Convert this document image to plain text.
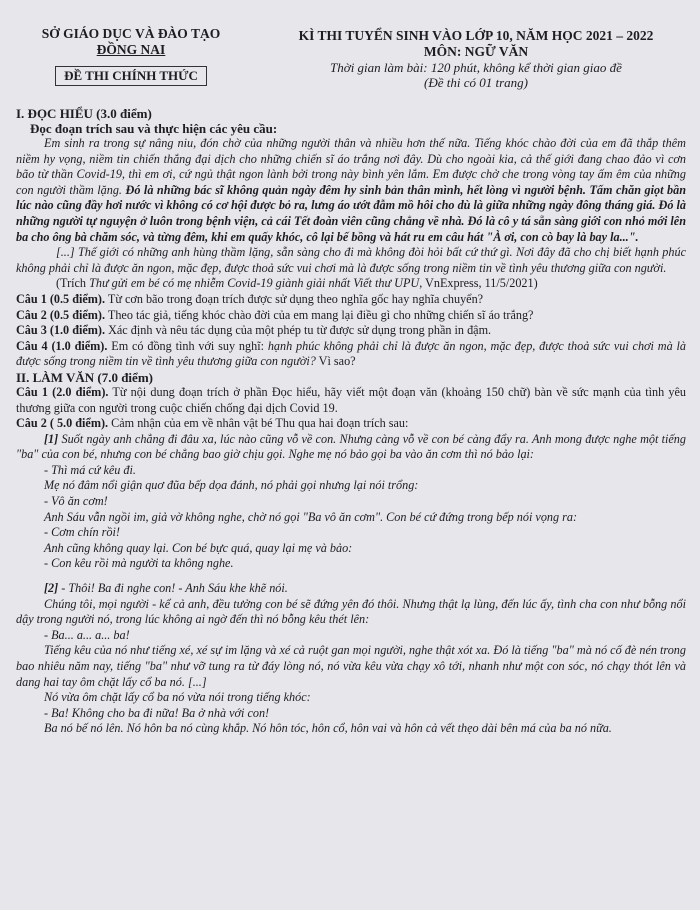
SỞ GIÁO DỤC VÀ ĐÀO TẠO
ĐỒNG NAI
ĐỀ THI CHÍNH THỨC
KÌ THI TUYỂN SINH VÀO LỚP 10, NĂM HỌC 2021 – 2022
MÔN: NGỮ VĂN
Thời gian làm bài: 120 phút, không kể thời gian giao đề
(Đề thi có 01 trang)
I. ĐỌC HIỂU (3.0 điểm)
Đọc đoạn trích sau và thực hiện các yêu cầu:

Em sinh ra trong sự nâng niu, đón chờ của những người thân và nhiều hơn thế nữa. Tiếng khóc chào đời của em đã thắp thêm niềm hy vọng, niềm tin chiến thắng đại dịch cho những chiến sĩ áo trắng nơi đây. Dù cho ngoài kia, cả thế giới đang chao đảo vì cơn bão từ thần Covid-19, thì em ơi, cứ ngủ thật ngon lành bởi trong này bình yên lắm. Em được chở che trong vòng tay ấm êm của những con người thầm lặng. Đó là những bác sĩ không quản ngày đêm hy sinh bản thân mình, hết lòng vì người bệnh. Tấm chăn giọt bần lúc nào cũng đầy hơi nước vì không có cơ hội được bỏ ra, lưng áo ướt đẫm mồ hôi cho dù là giữa những ngày đông tháng giá. Đó là những người tự nguyện ở luôn trong bệnh viện, cả cái Tết đoàn viên cũng chẳng về nhà. Đó là cô y tá sẵn sàng giới con nhỏ mới lên ba cho ông bà chăm sóc, và từng đêm, khi em quấy khóc, cô lại bế bồng và hát ru em câu hát "À ơi, con cò bay là bay la...".

[...] Thế giới có những anh hùng thầm lặng, sẵn sàng cho đi mà không đòi hỏi bất cứ thứ gì. Nơi đây đã cho chị biết hạnh phúc không phải chỉ là được ăn ngon, mặc đẹp, được thoả sức vui chơi mà là được sống trong niềm tin về tình yêu thương giữa con người.

(Trích Thư gửi em bé có mẹ nhiễm Covid-19 giành giải nhất Viết thư UPU, VnExpress, 11/5/2021)

Câu 1 (0.5 điểm). Từ cơn bão trong đoạn trích được sử dụng theo nghĩa gốc hay nghĩa chuyển?

Câu 2 (0.5 điểm). Theo tác giả, tiếng khóc chào đời của em mang lại điều gì cho những chiến sĩ áo trắng?

Câu 3 (1.0 điểm). Xác định và nêu tác dụng của một phép tu từ được sử dụng trong phần in đậm.

Câu 4 (1.0 điểm). Em có đồng tình với suy nghĩ: hạnh phúc không phải chỉ là được ăn ngon, mặc đẹp, được thoả sức vui chơi mà là được sống trong niềm tin về tình yêu thương giữa con người? Vì sao?

II. LÀM VĂN (7.0 điểm)

Câu 1 (2.0 điểm). Từ nội dung đoạn trích ở phần Đọc hiểu, hãy viết một đoạn văn (khoảng 150 chữ) bàn về sức mạnh của tình yêu thương giữa con người trong cuộc chiến chống đại dịch Covid 19.

Câu 2 ( 5.0 điểm). Cảm nhận của em về nhân vật bé Thu qua hai đoạn trích sau:

[1] Suốt ngày anh chẳng đi đâu xa, lúc nào cũng vỗ về con. Nhưng càng vỗ về con bé càng đẩy ra. Anh mong được nghe một tiếng "ba" của con bé, nhưng con bé chẳng bao giờ chịu gọi. Nghe mẹ nó bảo gọi ba vào ăn cơm thì nó bảo lại:

- Thì má cứ kêu đi.

Mẹ nó đâm nổi giận quơ đũa bếp dọa đánh, nó phải gọi nhưng lại nói trổng:

- Vô ăn cơm!

Anh Sáu vẫn ngồi im, giả vờ không nghe, chờ nó gọi "Ba vô ăn cơm". Con bé cứ đứng trong bếp nói vọng ra:

- Cơm chín rồi!

Anh cũng không quay lại. Con bé bực quá, quay lại mẹ và bảo:

- Con kêu rồi mà người ta không nghe.

[2] - Thôi! Ba đi nghe con! - Anh Sáu khe khẽ nói.

Chúng tôi, mọi người - kể cả anh, đều tưởng con bé sẽ đứng yên đó thôi. Nhưng thật lạ lùng, đến lúc ấy, tình cha con như bỗng nổi dậy trong người nó, trong lúc không ai ngờ đến thì nó bỗng kêu thét lên:

- Ba... a... a... ba!

Tiếng kêu của nó như tiếng xé, xé sự im lặng và xé cả ruột gan mọi người, nghe thật xót xa. Đó là tiếng "ba" mà nó cố đè nén trong bao nhiêu năm nay, tiếng "ba" như vỡ tung ra từ đáy lòng nó, nó vừa kêu vừa chạy xô tới, nhanh như một con sóc, nó chạy thót lên và dang hai tay ôm chặt lấy cổ ba nó. [...]

Nó vừa ôm chặt lấy cổ ba nó vừa nói trong tiếng khóc:

- Ba! Không cho ba đi nữa! Ba ở nhà với con!

Ba nó bế nó lên. Nó hôn ba nó cùng khắp. Nó hôn tóc, hôn cổ, hôn vai và hôn cả vết thẹo dài bên má của ba nó nữa.
